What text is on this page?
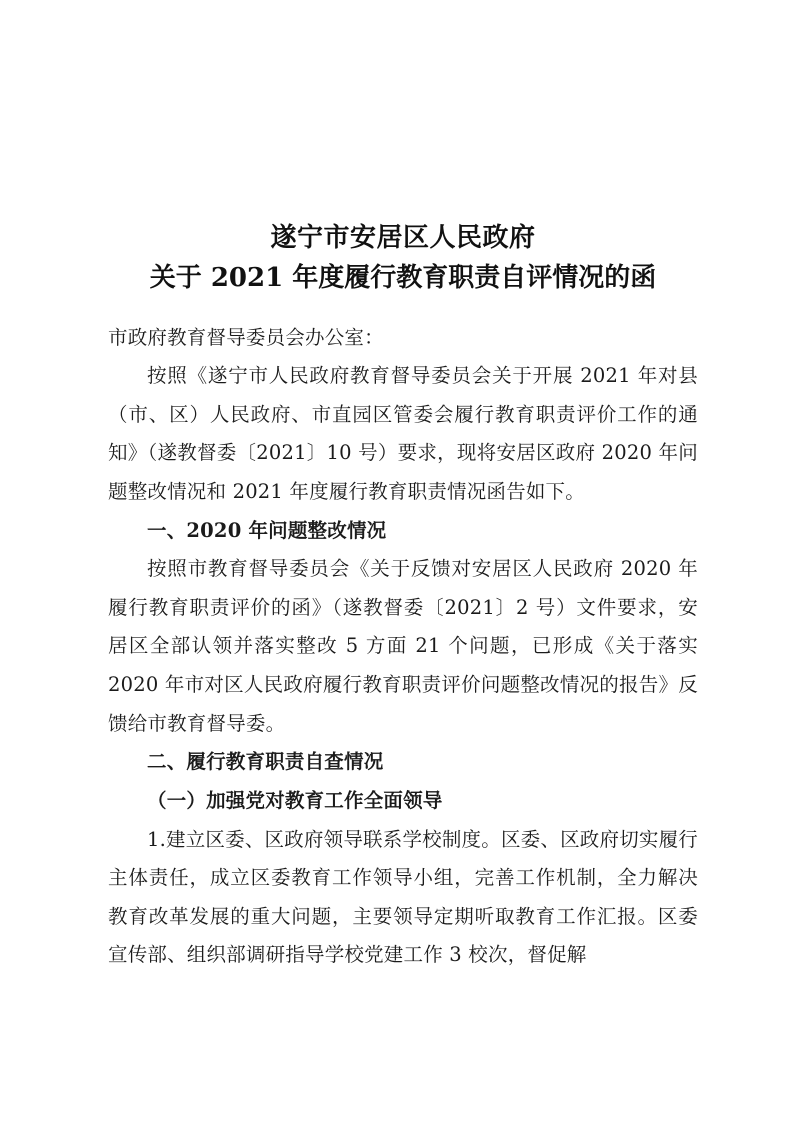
遂宁市安居区人民政府
关于 2021 年度履行教育职责自评情况的函

市政府教育督导委员会办公室：

按照《遂宁市人民政府教育督导委员会关于开展 2021 年对县（市、区）人民政府、市直园区管委会履行教育职责评价工作的通知》（遂教督委〔2021〕10 号）要求，现将安居区政府 2020 年问题整改情况和 2021 年度履行教育职责情况函告如下。

一、2020 年问题整改情况

按照市教育督导委员会《关于反馈对安居区人民政府 2020 年履行教育职责评价的函》（遂教督委〔2021〕2 号）文件要求，安居区全部认领并落实整改 5 方面 21 个问题，已形成《关于落实 2020 年市对区人民政府履行教育职责评价问题整改情况的报告》反馈给市教育督导委。

二、履行教育职责自查情况

（一）加强党对教育工作全面领导

1.建立区委、区政府领导联系学校制度。区委、区政府切实履行主体责任，成立区委教育工作领导小组，完善工作机制，全力解决教育改革发展的重大问题，主要领导定期听取教育工作汇报。区委宣传部、组织部调研指导学校党建工作 3 校次，督促解
